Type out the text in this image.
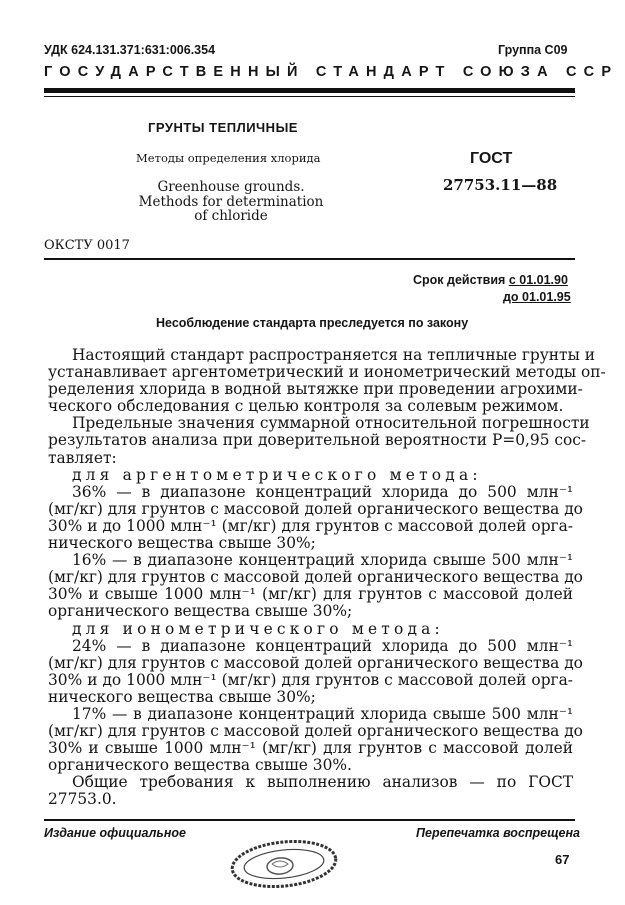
УДК 624.131.371:631:006.354	Группа С09
ГОСУДАРСТВЕННЫЙ СТАНДАРТ СОЮЗА ССР
ГРУНТЫ ТЕПЛИЧНЫЕ
Методы определения хлорида
Greenhouse grounds.
Methods for determination
of chloride
ГОСТ
27753.11—88
ОКСТУ 0017
Срок действия с 01.01.90
до 01.01.95
Несоблюдение стандарта преследуется по закону
Настоящий стандарт распространяется на тепличные грунты и
устанавливает аргентометрический и ионометрический методы оп-
ределения хлорида в водной вытяжке при проведении агрохими-
ческого обследования с целью контроля за солевым режимом.
Предельные значения суммарной относительной погрешности
результатов анализа при доверительной вероятности Р=0,95 сос-
тавляет:
для аргентометрического метода:
36% — в диапазоне концентраций хлорида до 500 млн⁻¹
(мг/кг) для грунтов с массовой долей органического вещества до
30% и до 1000 млн⁻¹ (мг/кг) для грунтов с массовой долей орга-
нического вещества свыше 30%;
16% — в диапазоне концентраций хлорида свыше 500 млн⁻¹
(мг/кг) для грунтов с массовой долей органического вещества до
30% и свыше 1000 млн⁻¹ (мг/кг) для грунтов с массовой долей
органического вещества свыше 30%;
для ионометрического метода:
24% — в диапазоне концентраций хлорида до 500 млн⁻¹
(мг/кг) для грунтов с массовой долей органического вещества до
30% и до 1000 млн⁻¹ (мг/кг) для грунтов с массовой долей орга-
нического вещества свыше 30%;
17% — в диапазоне концентраций хлорида свыше 500 млн⁻¹
(мг/кг) для грунтов с массовой долей органического вещества до
30% и свыше 1000 млн⁻¹ (мг/кг) для грунтов с массовой долей
органического вещества свыше 30%.
Общие требования к выполнению анализов — по ГОСТ
27753.0.
Издание официальное	Перепечатка воспрещена
67
